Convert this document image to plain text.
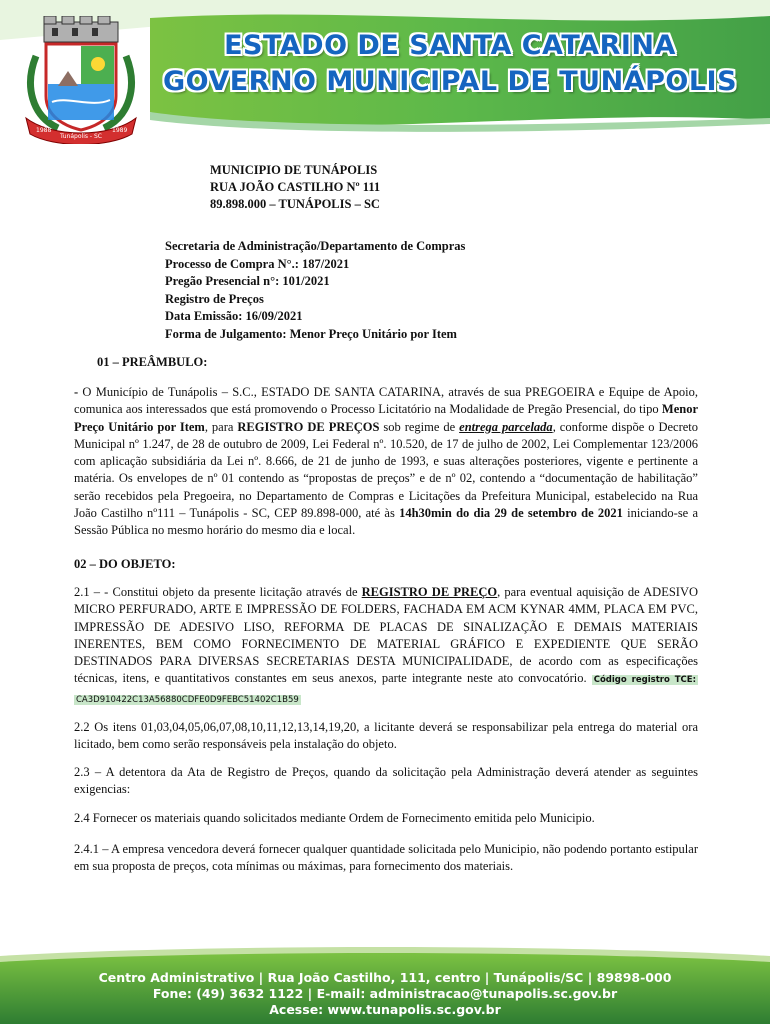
1988
Tunápolis - SC
1989
ESTADO DE SANTA CATARINA
GOVERNO MUNICIPAL DE TUNÁPOLIS
MUNICIPIO DE TUNÁPOLIS
RUA JOÃO CASTILHO Nº 111
89.898.000 – TUNÁPOLIS – SC
Secretaria de Administração/Departamento de Compras
Processo de Compra N°.: 187/2021
Pregão Presencial n°: 101/2021
Registro de Preços
Data Emissão: 16/09/2021
Forma de Julgamento: Menor Preço Unitário por Item
01 – PREÂMBULO:
- O Município de Tunápolis – S.C., ESTADO DE SANTA CATARINA, através de sua PREGOEIRA e Equipe de Apoio, comunica aos interessados que está promovendo o Processo Licitatório na Modalidade de Pregão Presencial, do tipo Menor Preço Unitário por Item, para REGISTRO DE PREÇOS sob regime de entrega parcelada, conforme dispõe o Decreto Municipal nº 1.247, de 28 de outubro de 2009, Lei Federal nº. 10.520, de 17 de julho de 2002, Lei Complementar 123/2006 com aplicação subsidiária da Lei nº. 8.666, de 21 de junho de 1993, e suas alterações posteriores, vigente e pertinente a matéria. Os envelopes de nº 01 contendo as “propostas de preços” e de nº 02, contendo a “documentação de habilitação” serão recebidos pela Pregoeira, no Departamento de Compras e Licitações da Prefeitura Municipal, estabelecido na Rua João Castilho nº111 – Tunápolis - SC, CEP 89.898-000, até às 14h30min do dia 29 de setembro de 2021 iniciando-se a Sessão Pública no mesmo horário do mesmo dia e local.
02 – DO OBJETO:
2.1 – - Constitui objeto da presente licitação através de REGISTRO DE PREÇO, para eventual aquisição de ADESIVO MICRO PERFURADO, ARTE E IMPRESSÃO DE FOLDERS, FACHADA EM ACM KYNAR 4MM, PLACA EM PVC, IMPRESSÃO DE ADESIVO LISO, REFORMA DE PLACAS DE SINALIZAÇÃO E DEMAIS MATERIAIS INERENTES, BEM COMO FORNECIMENTO DE MATERIAL GRÁFICO E EXPEDIENTE QUE SERÃO DESTINADOS PARA DIVERSAS SECRETARIAS DESTA MUNICIPALIDADE, de acordo com as especificações técnicas, itens, e quantitativos constantes em seus anexos, parte integrante neste ato convocatório. Código registro TCE: CA3D910422C13A56880CDFE0D9FEBC51402C1B59
2.2 Os itens 01,03,04,05,06,07,08,10,11,12,13,14,19,20, a licitante deverá se responsabilizar pela entrega do material ora licitado, bem como serão responsáveis pela instalação do objeto.
2.3 – A detentora da Ata de Registro de Preços, quando da solicitação pela Administração deverá atender as seguintes exigencias:
2.4 Fornecer os materiais quando solicitados mediante Ordem de Fornecimento emitida pelo Municipio.
2.4.1 – A empresa vencedora deverá fornecer qualquer quantidade solicitada pelo Municipio, não podendo portanto estipular em sua proposta de preços, cota mínimas ou máximas, para fornecimento dos materiais.
Centro Administrativo | Rua João Castilho, 111, centro | Tunápolis/SC | 89898-000
Fone: (49) 3632 1122 | E-mail: administracao@tunapolis.sc.gov.br
Acesse: www.tunapolis.sc.gov.br
